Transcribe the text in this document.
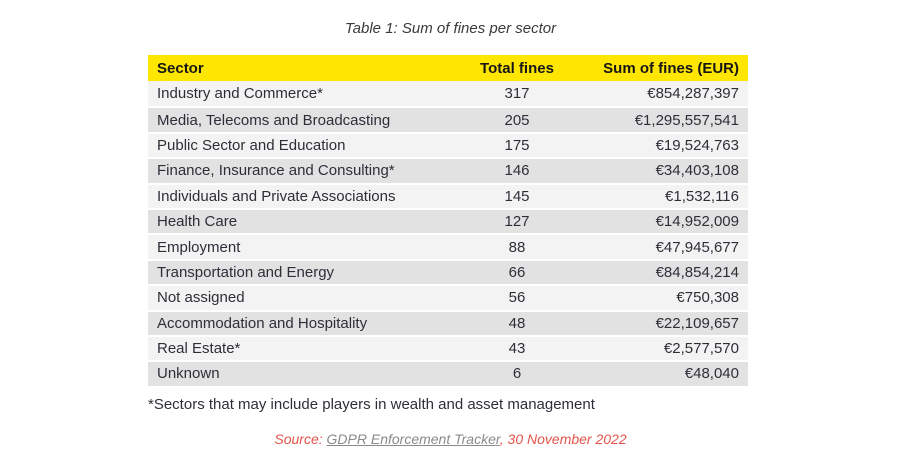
Table 1: Sum of fines per sector
Sector	Total fines	Sum of fines (EUR)
Industry and Commerce*	317	€854,287,397
Media, Telecoms and Broadcasting	205	€1,295,557,541
Public Sector and Education	175	€19,524,763
Finance, Insurance and Consulting*	146	€34,403,108
Individuals and Private Associations	145	€1,532,116
Health Care	127	€14,952,009
Employment	88	€47,945,677
Transportation and Energy	66	€84,854,214
Not assigned	56	€750,308
Accommodation and Hospitality	48	€22,109,657
Real Estate*	43	€2,577,570
Unknown	6	€48,040
*Sectors that may include players in wealth and asset management
Source: GDPR Enforcement Tracker, 30 November 2022
